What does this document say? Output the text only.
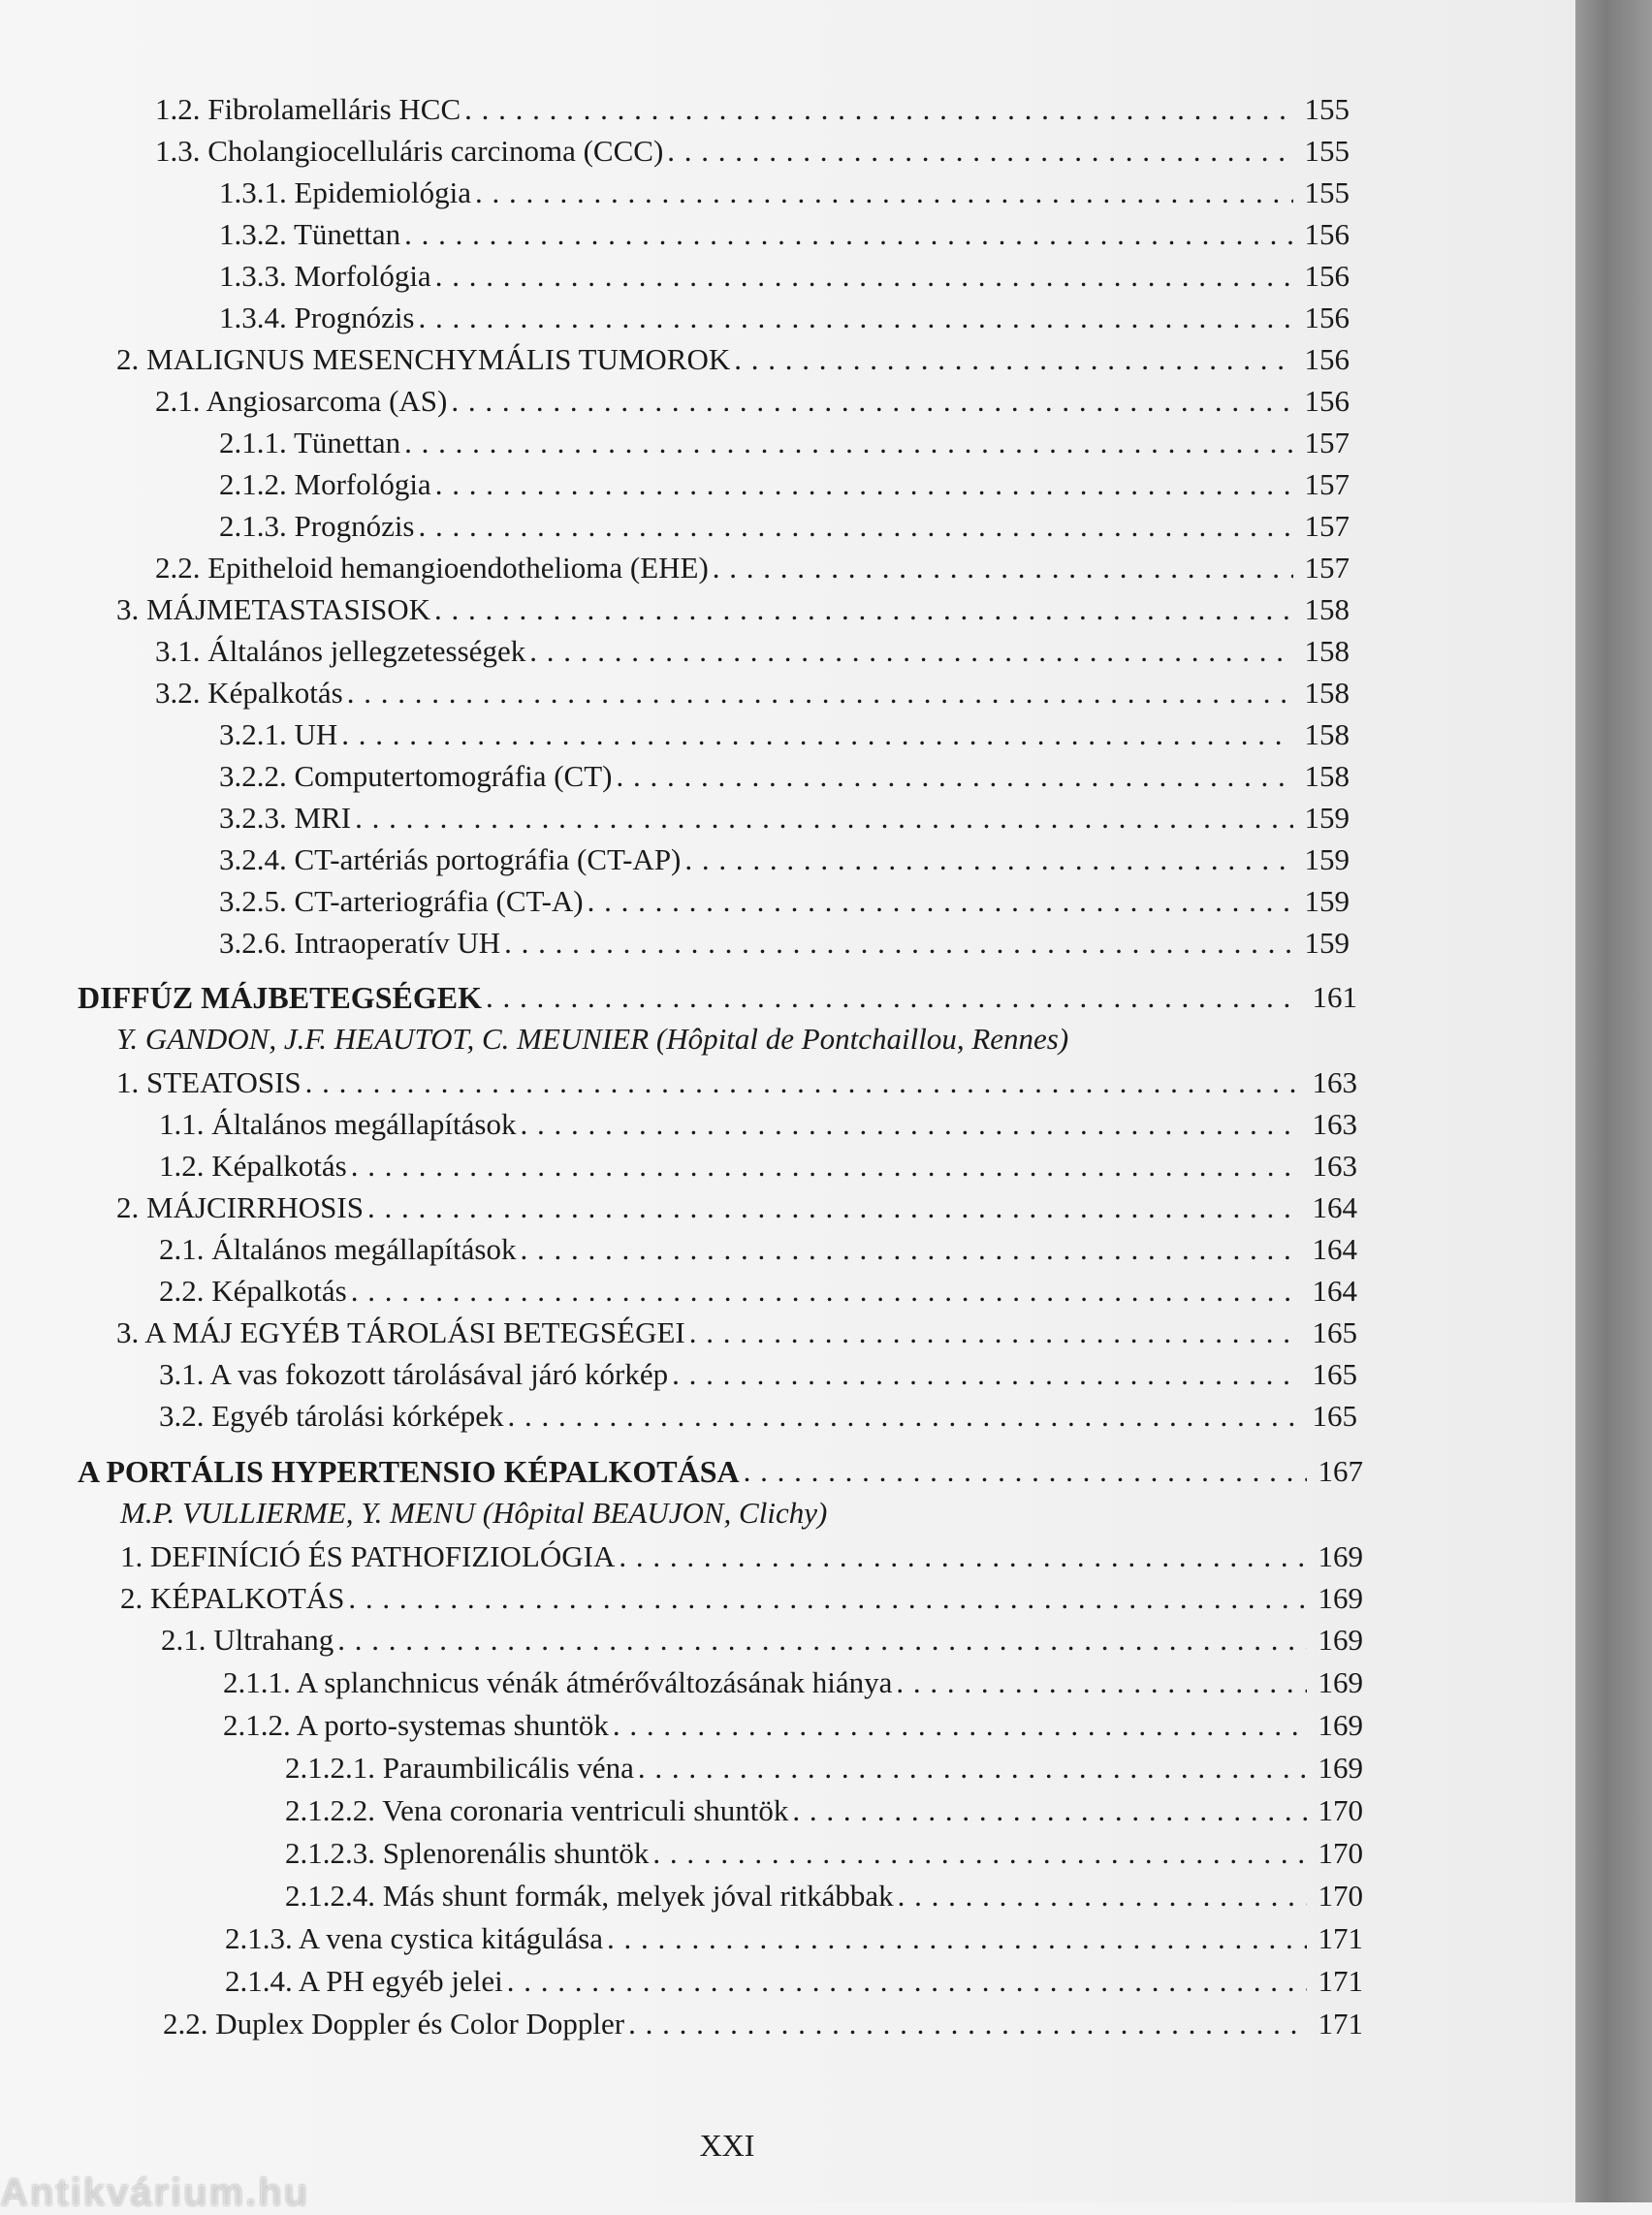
1.2. Fibrolamelláris HCC . . .	155
1.3. Cholangiocelluláris carcinoma (CCC) . . .	155
1.3.1. Epidemiológia . . .	155
1.3.2. Tünettan . . .	156
1.3.3. Morfológia . . .	156
1.3.4. Prognózis . . .	156
2. MALIGNUS MESENCHYMÁLIS TUMOROK . . .	156
2.1. Angiosarcoma (AS) . . .	156
2.1.1. Tünettan . . .	157
2.1.2. Morfológia . . .	157
2.1.3. Prognózis . . .	157
2.2. Epitheloid hemangioendothelioma (EHE) . . .	157
3. MÁJMETASTASISOK . . .	158
3.1. Általános jellegzetességek . . .	158
3.2. Képalkotás . . .	158
3.2.1. UH . . .	158
3.2.2. Computertomográfia (CT) . . .	158
3.2.3. MRI . . .	159
3.2.4. CT-artériás portográfia (CT-AP) . . .	159
3.2.5. CT-arteriográfia (CT-A) . . .	159
3.2.6. Intraoperatív UH . . .	159
DIFFÚZ MÁJBETEGSÉGEK . . .	161
Y. GANDON, J.F. HEAUTOT, C. MEUNIER (Hôpital de Pontchaillou, Rennes)
1. STEATOSIS . . .	163
1.1. Általános megállapítások . . .	163
1.2. Képalkotás . . .	163
2. MÁJCIRRHOSIS . . .	164
2.1. Általános megállapítások . . .	164
2.2. Képalkotás . . .	164
3. A MÁJ EGYÉB TÁROLÁSI BETEGSÉGEI . . .	165
3.1. A vas fokozott tárolásával járó kórkép . . .	165
3.2. Egyéb tárolási kórképek . . .	165
A PORTÁLIS HYPERTENSIO KÉPALKOTÁSA . . .	167
M.P. VULLIERME, Y. MENU (Hôpital BEAUJON, Clichy)
1. DEFINÍCIÓ ÉS PATHOFIZIOLÓGIA . . .	169
2. KÉPALKOTÁS . . .	169
2.1. Ultrahang . . .	169
2.1.1. A splanchnicus vénák átmérőváltozásának hiánya . . .	169
2.1.2. A porto-systemas shuntök . . .	169
2.1.2.1. Paraumbilicális véna . . .	169
2.1.2.2. Vena coronaria ventriculi shuntök . . .	170
2.1.2.3. Splenorenális shuntök . . .	170
2.1.2.4. Más shunt formák, melyek jóval ritkábbak . . .	170
2.1.3. A vena cystica kitágulása . . .	171
2.1.4. A PH egyéb jelei . . .	171
2.2. Duplex Doppler és Color Doppler . . .	171
XXI
Antikvárium.hu
